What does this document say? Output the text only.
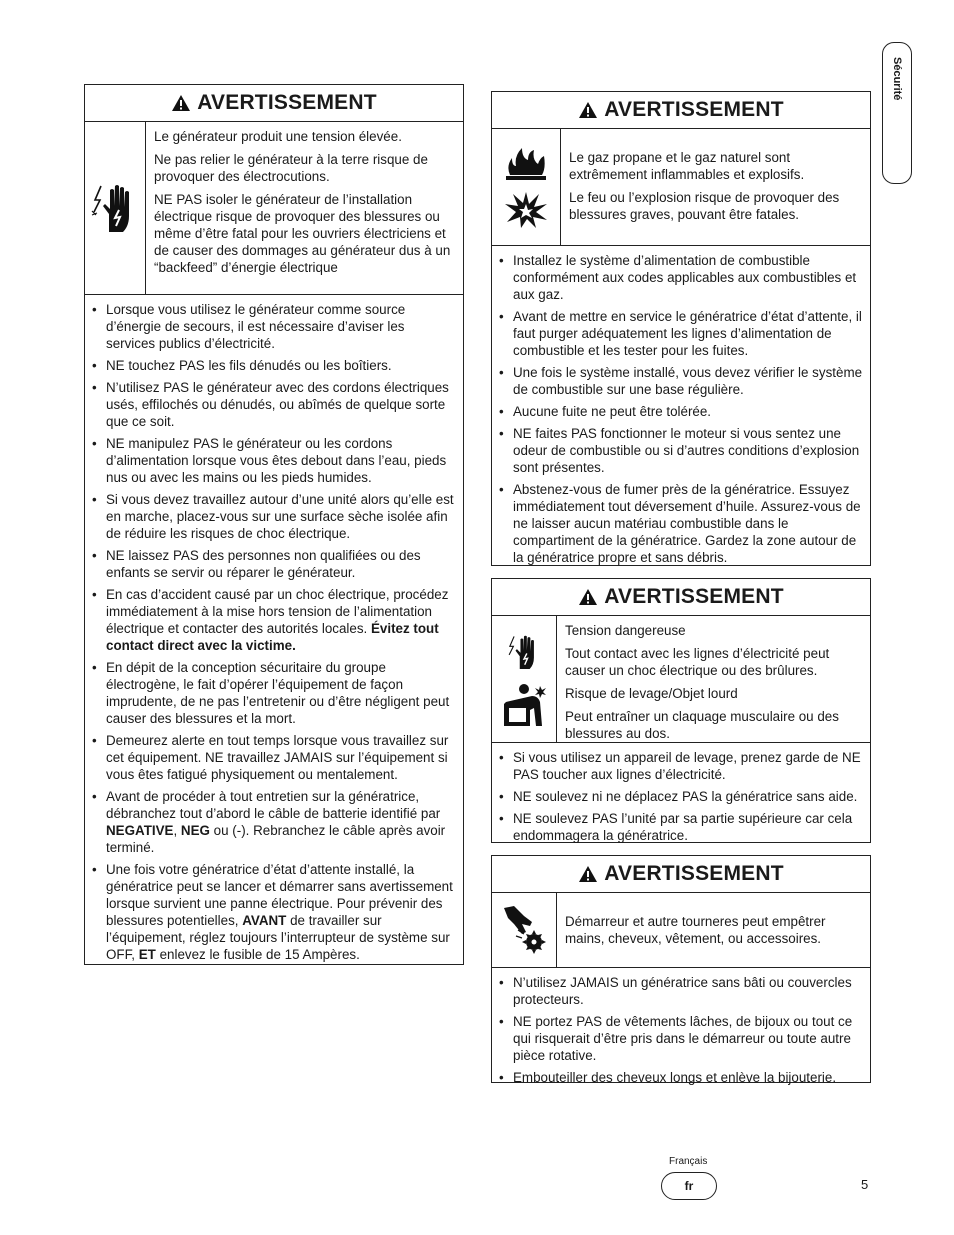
Sécurité
AVERTISSEMENT

Le générateur produit une tension élevée.

Ne pas relier le générateur à la terre risque de provoquer des électrocutions.

NE PAS isoler le générateur de l’installation électrique risque de provoquer des blessures ou même d’être fatal pour les ouvriers électriciens et de causer des dommages au générateur dus à un “backfeed” d’énergie électrique

• Lorsque vous utilisez le générateur comme source d’énergie de secours, il est nécessaire d’aviser les services publics d’électricité.
• NE touchez PAS les fils dénudés ou les boîtiers.
• N’utilisez PAS le générateur avec des cordons électriques usés, effilochés ou dénudés, ou abîmés de quelque sorte que ce soit.
• NE manipulez PAS le générateur ou les cordons d’alimentation lorsque vous êtes debout dans l’eau, pieds nus ou avec les mains ou les pieds humides.
• Si vous devez travaillez autour d’une unité alors qu’elle est en marche, placez-vous sur une surface sèche isolée afin de réduire les risques de choc électrique.
• NE laissez PAS des personnes non qualifiées ou des enfants se servir ou réparer le générateur.
• En cas d’accident causé par un choc électrique, procédez immédiatement à la mise hors tension de l’alimentation électrique et contacter des autorités locales. Évitez tout contact direct avec la victime.
• En dépit de la conception sécuritaire du groupe électrogène, le fait d’opérer l’équipement de façon imprudente, de ne pas l’entretenir ou d’être négligent peut causer des blessures et la mort.
• Demeurez alerte en tout temps lorsque vous travaillez sur cet équipement. NE travaillez JAMAIS sur l’équipement si vous êtes fatigué physiquement ou mentalement.
• Avant de procéder à tout entretien sur la génératrice, débranchez tout d’abord le câble de batterie identifié par NEGATIVE, NEG ou (-). Rebranchez le câble après avoir terminé.
• Une fois votre génératrice d’état d’attente installé, la génératrice peut se lancer et démarrer sans avertissement lorsque survient une panne électrique. Pour prévenir des blessures potentielles, AVANT de travailler sur l’équipement, réglez toujours l’interrupteur de système sur OFF, ET enlevez le fusible de 15 Ampères.
AVERTISSEMENT

Le gaz propane et le gaz naturel sont extrêmement inflammables et explosifs.

Le feu ou l’explosion risque de provoquer des blessures graves, pouvant être fatales.

• Installez le système d’alimentation de combustible conformément aux codes applicables aux combustibles et aux gaz.
• Avant de mettre en service le génératrice d’état d’attente, il faut purger adéquatement les lignes d’alimentation de combustible et les tester pour les fuites.
• Une fois le système installé, vous devez vérifier le système de combustible sur une base régulière.
• Aucune fuite ne peut être tolérée.
• NE faites PAS fonctionner le moteur si vous sentez une odeur de combustible ou si d’autres conditions d’explosion sont présentes.
• Abstenez-vous de fumer près de la génératrice. Essuyez immédiatement tout déversement d’huile. Assurez-vous de ne laisser aucun matériau combustible dans le compartiment de la génératrice. Gardez la zone autour de la génératrice propre et sans débris.
AVERTISSEMENT

Tension dangereuse

Tout contact avec les lignes d’électricité peut causer un choc électrique ou des brûlures.

Risque de levage/Objet lourd

Peut entraîner un claquage musculaire ou des blessures au dos.

• Si vous utilisez un appareil de levage, prenez garde de NE PAS toucher aux lignes d’électricité.
• NE soulevez ni ne déplacez PAS la génératrice sans aide.
• NE soulevez PAS l’unité par sa partie supérieure car cela endommagera la génératrice.
AVERTISSEMENT

Démarreur et autre tourneres peut empêtrer mains, cheveux, vêtement, ou accessoires.

• N’utilisez JAMAIS un génératrice sans bâti ou couvercles protecteurs.
• NE portez PAS de vêtements lâches, de bijoux ou tout ce qui risquerait d’être pris dans le démarreur ou toute autre pièce rotative.
• Embouteiller des cheveux longs et enlève la bijouterie.
Français
fr	5
